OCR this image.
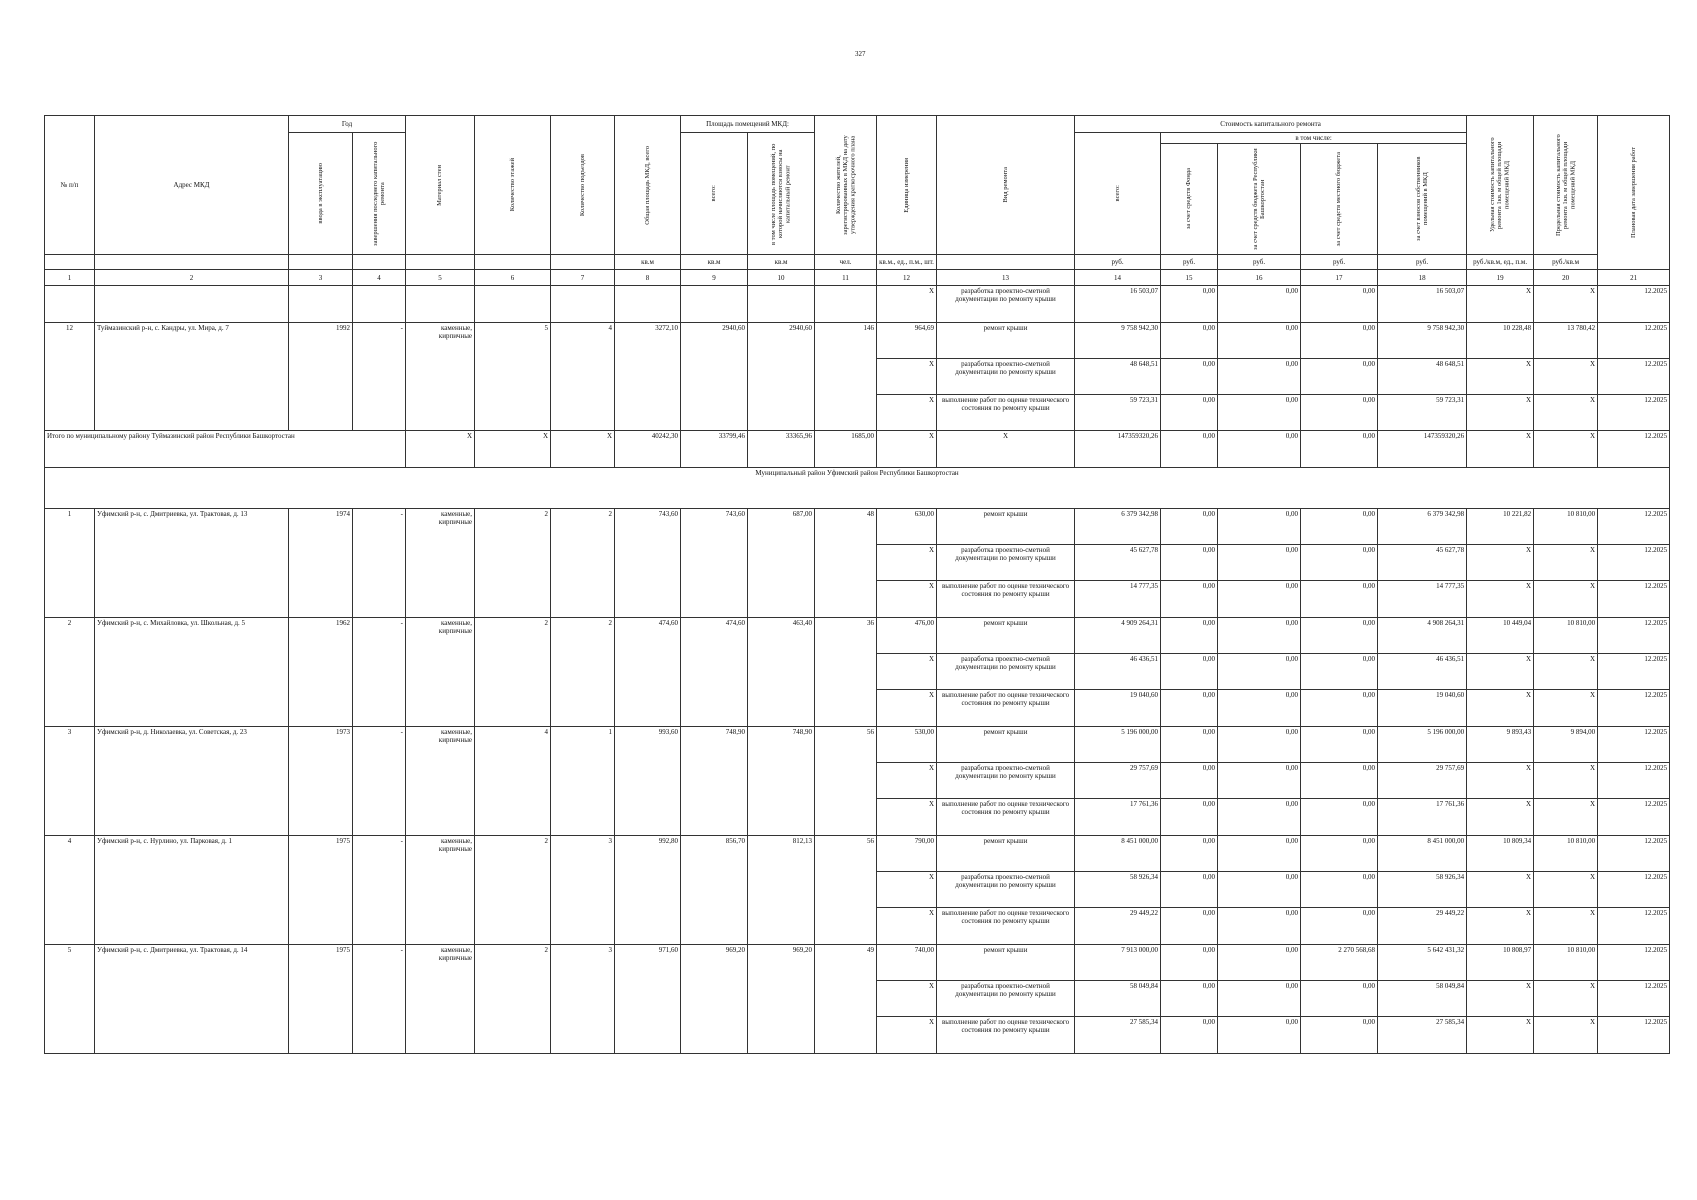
327
№ п/п	Адрес МКД	Год		Материал стен	Количество этажей	Количество подъездов	Общая площадь МКД, всего	Площадь помещений МКД:		Количество жителей, зарегистрированных в МКД на дату утверждения краткосрочного плана	Единица измерения	Вид ремонта	Стоимость капитального ремонта					Удельная стоимость капитального ремонта 1кв. м общей площади помещений МКД	Предельная стоимость капитального ремонта 1кв. м общей площади помещений МКД	Плановая дата завершения работ

		ввода в эксплуатацию	завершения последнего капитального ремонта					всего:	в том числе площадь помещений, по которой начисляются взносы на капитальный ремонт				всего:	в том числе:						

														за счет средств Фонда	за счет средств бюджета Республики Башкортостан	за счет средств местного бюджета	за счет взносов собственников помещений в МКД			

							кв.м	кв.м	кв.м	чел.	кв.м., ед., п.м., шт.		руб.	руб.	руб.	руб.	руб.	руб./кв.м, ед., п.м.	руб./кв.м	
1	2	3	4	5	6	7	8	9	10	11	12	13	14	15	16	17	18	19	20	21
											X	разработка проектно-сметной документации по ремонту крыши	16 503,07	0,00	0,00	0,00	16 503,07	X	X	12.2025
12	Туймазинский р-н, с. Кандры, ул. Мира, д. 7	1992	-	каменные, кирпичные	5	4	3272,10	2940,60	2940,60	146	964,69	ремонт крыши	9 758 942,30	0,00	0,00	0,00	9 758 942,30	10 228,48	13 780,42	12.2025
											X	разработка проектно-сметной документации по ремонту крыши	48 648,51	0,00	0,00	0,00	48 648,51	X	X	12.2025
											X	выполнение работ по оценке технического состояния по ремонту крыши	59 723,31	0,00	0,00	0,00	59 723,31	X	X	12.2025
Итого по муниципальному району Туймазинский район Республики Башкортостан				X	X	X	40242,30	33799,46	33365,96	1685,00	X	X	147359320,26	0,00	0,00	0,00	147359320,26	X	X	12.2025
Муниципальный район Уфимский район Республики Башкортостан																				
1	Уфимский р-н, с. Дмитриевка, ул. Трактовая, д. 13	1974	-	каменные, кирпичные	2	2	743,60	743,60	687,00	48	630,00	ремонт крыши	6 379 342,98	0,00	0,00	0,00	6 379 342,98	10 221,82	10 810,00	12.2025
											X	разработка проектно-сметной документации по ремонту крыши	45 627,78	0,00	0,00	0,00	45 627,78	X	X	12.2025
											X	выполнение работ по оценке технического состояния по ремонту крыши	14 777,35	0,00	0,00	0,00	14 777,35	X	X	12.2025
2	Уфимский р-н, с. Михайловка, ул. Школьная, д. 5	1962	-	каменные, кирпичные	2	2	474,60	474,60	463,40	36	476,00	ремонт крыши	4 909 264,31	0,00	0,00	0,00	4 908 264,31	10 449,04	10 810,00	12.2025
											X	разработка проектно-сметной документации по ремонту крыши	46 436,51	0,00	0,00	0,00	46 436,51	X	X	12.2025
											X	выполнение работ по оценке технического состояния по ремонту крыши	19 040,60	0,00	0,00	0,00	19 040,60	X	X	12.2025
3	Уфимский р-н, д. Николаевка, ул. Советская, д. 23	1973	-	каменные, кирпичные	4	1	993,60	748,90	748,90	56	530,00	ремонт крыши	5 196 000,00	0,00	0,00	0,00	5 196 000,00	9 893,43	9 894,00	12.2025
											X	разработка проектно-сметной документации по ремонту крыши	29 757,69	0,00	0,00	0,00	29 757,69	X	X	12.2025
											X	выполнение работ по оценке технического состояния по ремонту крыши	17 761,36	0,00	0,00	0,00	17 761,36	X	X	12.2025
4	Уфимский р-н, с. Нурлино, ул. Парковая, д. 1	1975	-	каменные, кирпичные	2	3	992,80	856,70	812,13	56	790,00	ремонт крыши	8 451 000,00	0,00	0,00	0,00	8 451 000,00	10 809,34	10 810,00	12.2025
											X	разработка проектно-сметной документации по ремонту крыши	58 926,34	0,00	0,00	0,00	58 926,34	X	X	12.2025
											X	выполнение работ по оценке технического состояния по ремонту крыши	29 449,22	0,00	0,00	0,00	29 449,22	X	X	12.2025
5	Уфимский р-н, с. Дмитриевка, ул. Трактовая, д. 14	1975	-	каменные, кирпичные	2	3	971,60	969,20	969,20	49	740,00	ремонт крыши	7 913 000,00	0,00	0,00	2 270 568,68	5 642 431,32	10 808,97	10 810,00	12.2025
											X	разработка проектно-сметной документации по ремонту крыши	58 049,84	0,00	0,00	0,00	58 049,84	X	X	12.2025
											X	выполнение работ по оценке технического состояния по ремонту крыши	27 585,34	0,00	0,00	0,00	27 585,34	X	X	12.2025
